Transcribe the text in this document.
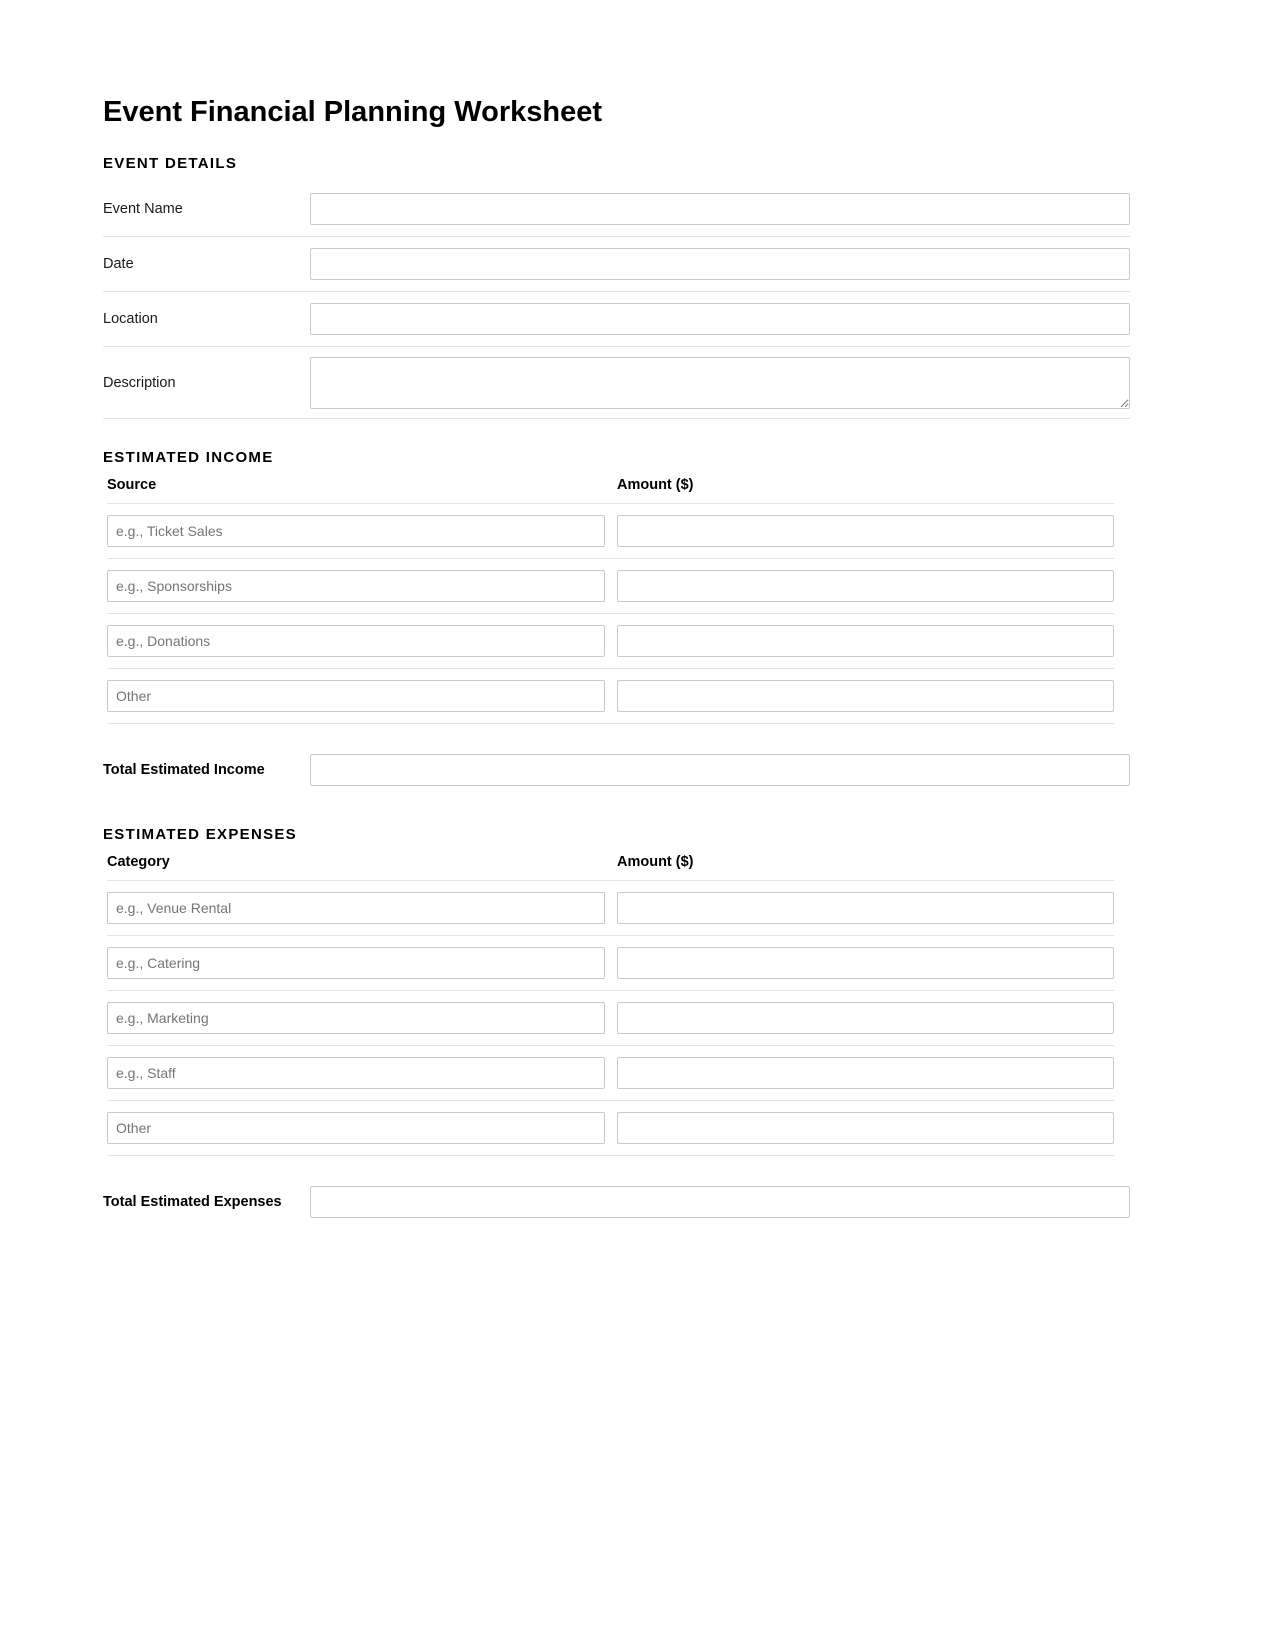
Event Financial Planning Worksheet
EVENT DETAILS
Event Name
Date
Location
Description
ESTIMATED INCOME
Source	Amount ($)
e.g., Ticket Sales
e.g., Sponsorships
e.g., Donations
Other
Total Estimated Income
ESTIMATED EXPENSES
Category	Amount ($)
e.g., Venue Rental
e.g., Catering
e.g., Marketing
e.g., Staff
Other
Total Estimated Expenses
